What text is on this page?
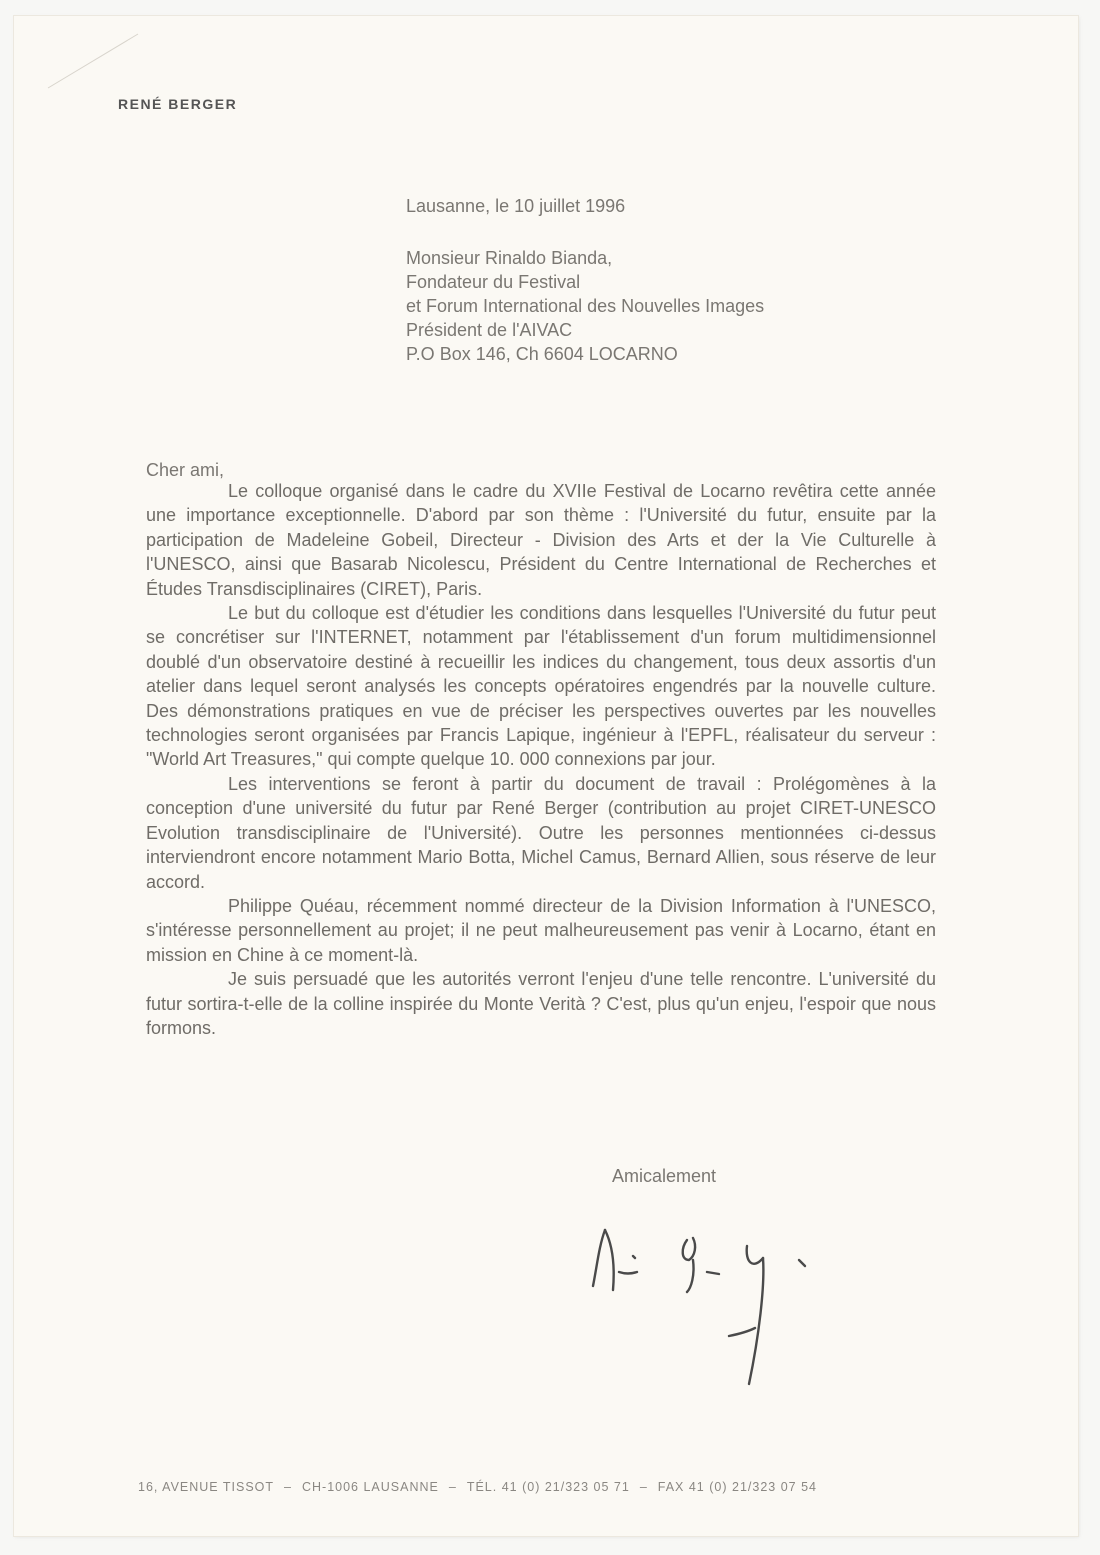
RENÉ BERGER
Lausanne, le 10 juillet 1996
Monsieur Rinaldo Bianda,
Fondateur du Festival
et Forum International des Nouvelles Images
Président de l'AIVAC
P.O Box 146, Ch 6604 LOCARNO
Cher ami,

Le colloque organisé dans le cadre du XVIIe Festival de Locarno revêtira cette année une importance exceptionnelle. D'abord par son thème : l'Université du futur, ensuite par la participation de Madeleine Gobeil, Directeur - Division des Arts et der la Vie Culturelle à l'UNESCO, ainsi que Basarab Nicolescu, Président du Centre International de Recherches et Études Transdisciplinaires (CIRET), Paris.

Le but du colloque est d'étudier les conditions dans lesquelles l'Université du futur peut se concrétiser sur l'INTERNET, notamment par l'établissement d'un forum multidimensionnel doublé d'un observatoire destiné à recueillir les indices du changement, tous deux assortis d'un atelier dans lequel seront analysés les concepts opératoires engendrés par la nouvelle culture. Des démonstrations pratiques en vue de préciser les perspectives ouvertes par les nouvelles technologies seront organisées par Francis Lapique, ingénieur à l'EPFL, réalisateur du serveur : "World Art Treasures," qui compte quelque 10. 000 connexions par jour.

Les interventions se feront à partir du document de travail : Prolégomènes à la conception d'une université du futur par René Berger (contribution au projet CIRET-UNESCO Evolution transdisciplinaire de l'Université). Outre les personnes mentionnées ci-dessus interviendront encore notamment Mario Botta, Michel Camus, Bernard Allien, sous réserve de leur accord.

Philippe Quéau, récemment nommé directeur de la Division Information à l'UNESCO, s'intéresse personnellement au projet; il ne peut malheureusement pas venir à Locarno, étant en mission en Chine à ce moment-là.

Je suis persuadé que les autorités verront l'enjeu d'une telle rencontre. L'université du futur sortira-t-elle de la colline inspirée du Monte Verità ? C'est, plus qu'un enjeu, l'espoir que nous formons.

Amicalement
16, AVENUE TISSOT – CH-1006 LAUSANNE – TÉL. 41 (0) 21/323 05 71 – FAX 41 (0) 21/323 07 54
